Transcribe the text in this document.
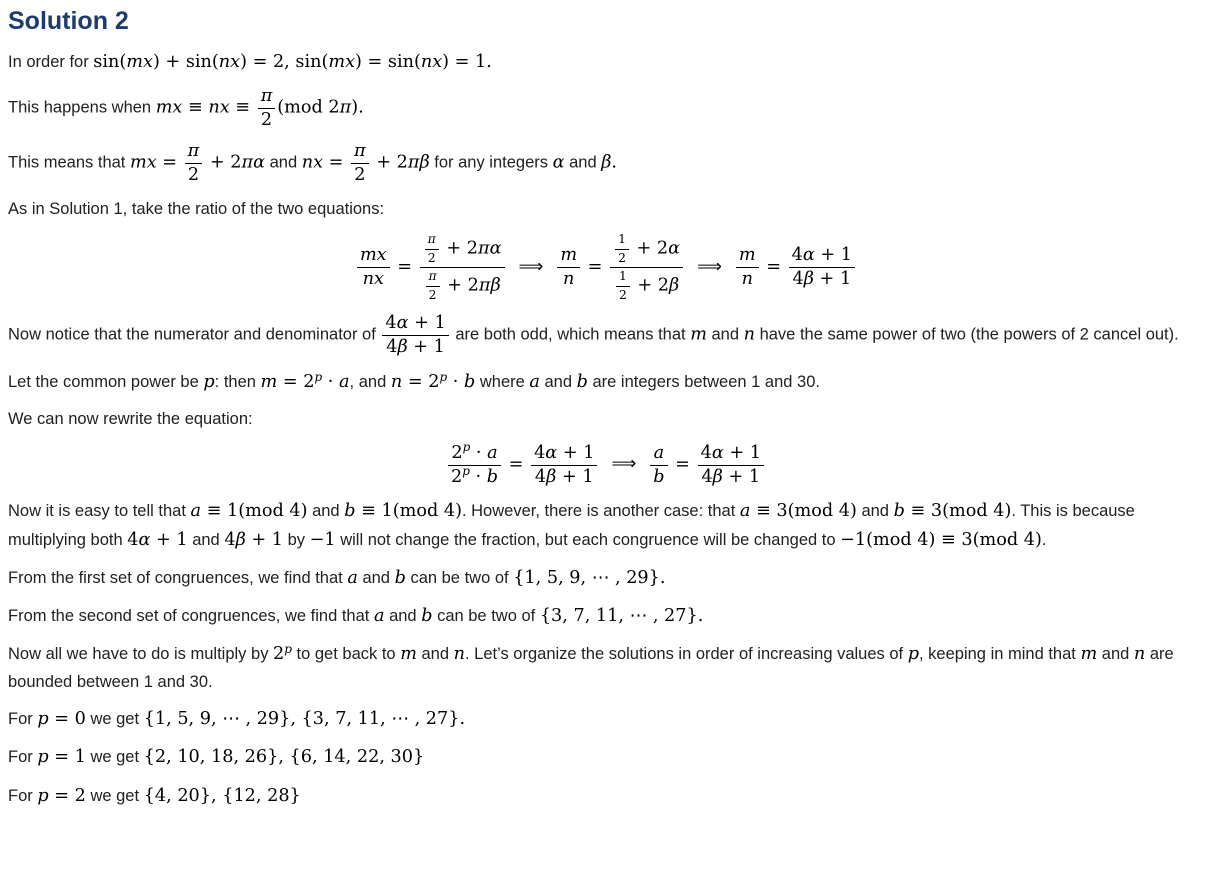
Solution 2

In order for sin(mx) + sin(nx) = 2, sin(mx) = sin(nx) = 1.

This happens when mx ≡ nx ≡ $\frac{\pi}{2} (mod$ 2π).

This means that mx = $\frac{\pi}{2} + 2\pi\alpha$ and nx = $\frac{\pi}{2} + 2\pi\beta$ for any integers α and β.

As in Solution 1, take the ratio of the two equations:

$\frac{mx}{nx} = \frac{\frac{\pi}{2} + 2\pi\alpha}{\frac{\pi}{2} + 2\pi\beta}$ ⟹ $\frac{m}{n} = \frac{\frac{1}{2} + 2\alpha}{\frac{1}{2} + 2\beta}$ ⟹ $\frac{m}{n} = \frac{4\alpha + 1}{4\beta + 1}$

Now notice that the numerator and denominator of $\frac{4\alpha + 1}{4\beta + 1}$ are both odd, which means that m and n have the same power of two (the powers of 2 cancel out).

Let the common power be p: then $m = 2^p \cdot a$, and $n = 2^p \cdot b$ where a and b are integers between 1 and 30.

We can now rewrite the equation:

$\frac{2^p \cdot a}{2^p \cdot b} = \frac{4\alpha + 1}{4\beta + 1}$ ⟹ $\frac{a}{b} = \frac{4\alpha + 1}{4\beta + 1}$

Now it is easy to tell that a ≡ 1(mod 4) and b ≡ 1(mod 4). However, there is another case: that a ≡ 3(mod 4) and b ≡ 3(mod 4). This is because multiplying both 4α + 1 and 4β + 1 by −1 will not change the fraction, but each congruence will be changed to −1(mod 4) ≡ 3(mod 4).

From the first set of congruences, we find that a and b can be two of {1, 5, 9, ⋯ , 29}.

From the second set of congruences, we find that a and b can be two of {3, 7, 11, ⋯ , 27}.

Now all we have to do is multiply by 2$^p$ to get back to m and n. Let’s organize the solutions in order of increasing values of p, keeping in mind that m and n are bounded between 1 and 30.

For p = 0 we get {1, 5, 9, ⋯ , 29}, {3, 7, 11, ⋯ , 27}.

For p = 1 we get {2, 10, 18, 26}, {6, 14, 22, 30}

For p = 2 we get {4, 20}, {12, 28}
